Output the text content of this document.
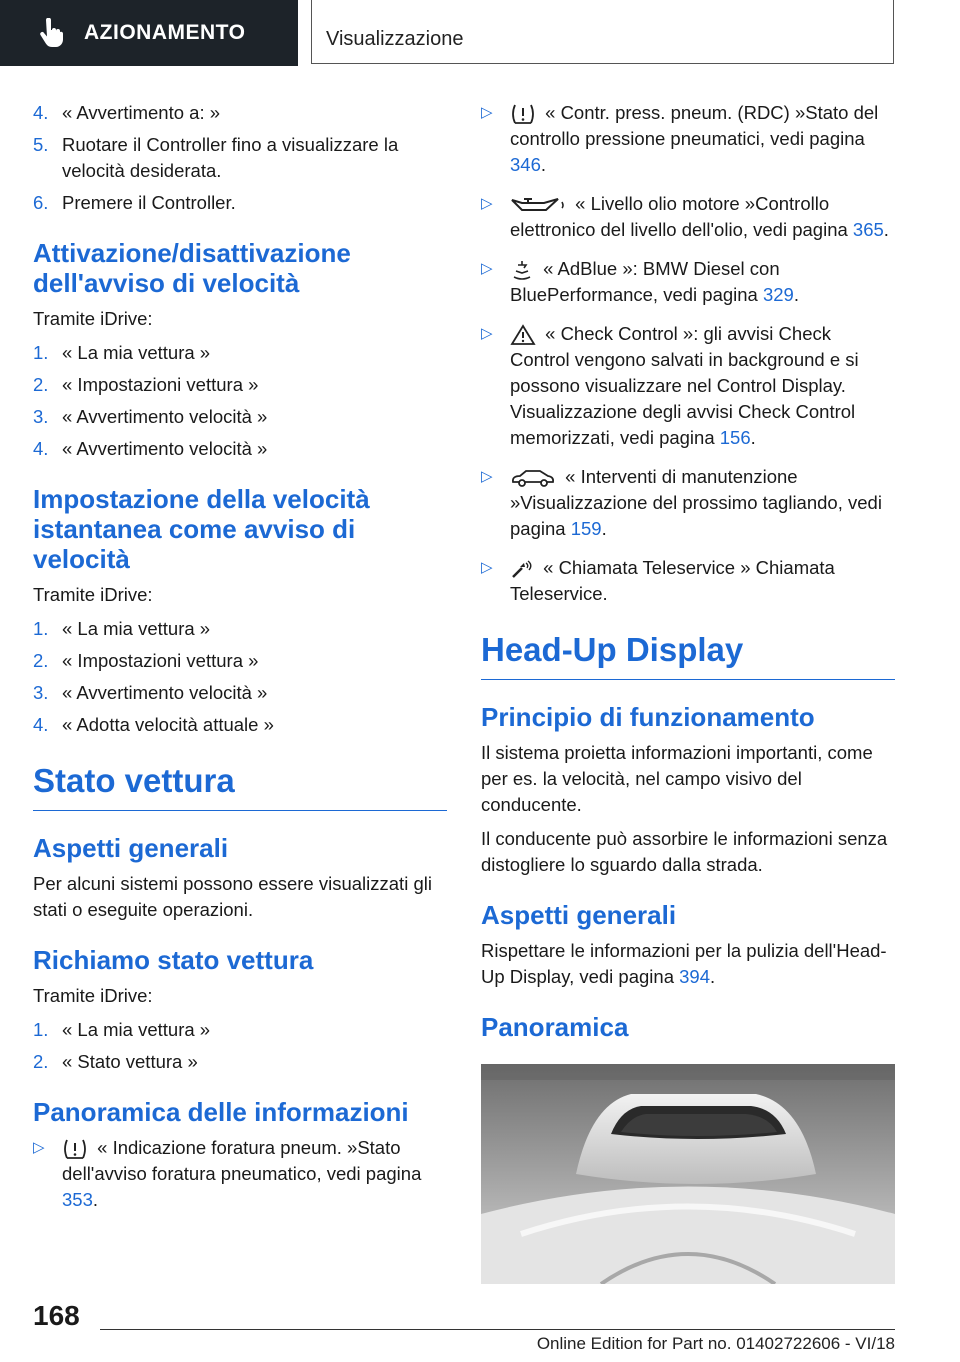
AZIONAMENTO	Visualizzazione
4. « Avvertimento a: »
5. Ruotare il Controller fino a visualizzare la velocità desiderata.
6. Premere il Controller.
Attivazione/disattivazione dell'avviso di velocità

Tramite iDrive:

1. « La mia vettura »
2. « Impostazioni vettura »
3. « Avvertimento velocità »
4. « Avvertimento velocità »
Impostazione della velocità istantanea come avviso di velocità

Tramite iDrive:

1. « La mia vettura »
2. « Impostazioni vettura »
3. « Avvertimento velocità »
4. « Adotta velocità attuale »
Stato vettura
Aspetti generali

Per alcuni sistemi possono essere visualizzati gli stati o eseguite operazioni.

Richiamo stato vettura

Tramite iDrive:

1. « La mia vettura »
2. « Stato vettura »
Panoramica delle informazioni
▷	« Indicazione foratura pneum. »Stato dell'avviso foratura pneumatico, vedi pagina 353.
▷	« Contr. press. pneum. (RDC) »Stato del controllo pressione pneumatici, vedi pagina 346.
▷	« Livello olio motore »Controllo elettronico del livello dell'olio, vedi pagina 365.
▷	« AdBlue »: BMW Diesel con BluePerformance, vedi pagina 329.
▷	« Check Control »: gli avvisi Check Control vengono salvati in background e si possono visualizzare nel Control Display. Visualizzazione degli avvisi Check Control memorizzati, vedi pagina 156.
▷	« Interventi di manutenzione »Visualizzazione del prossimo tagliando, vedi pagina 159.
▷	« Chiamata Teleservice » Chiamata Teleservice.
Head-Up Display
Principio di funzionamento

Il sistema proietta informazioni importanti, come per es. la velocità, nel campo visivo del conducente.

Il conducente può assorbire le informazioni senza distogliere lo sguardo dalla strada.

Aspetti generali

Rispettare le informazioni per la pulizia dell'Head-Up Display, vedi pagina 394.

Panoramica
168
Online Edition for Part no. 01402722606 - VI/18
